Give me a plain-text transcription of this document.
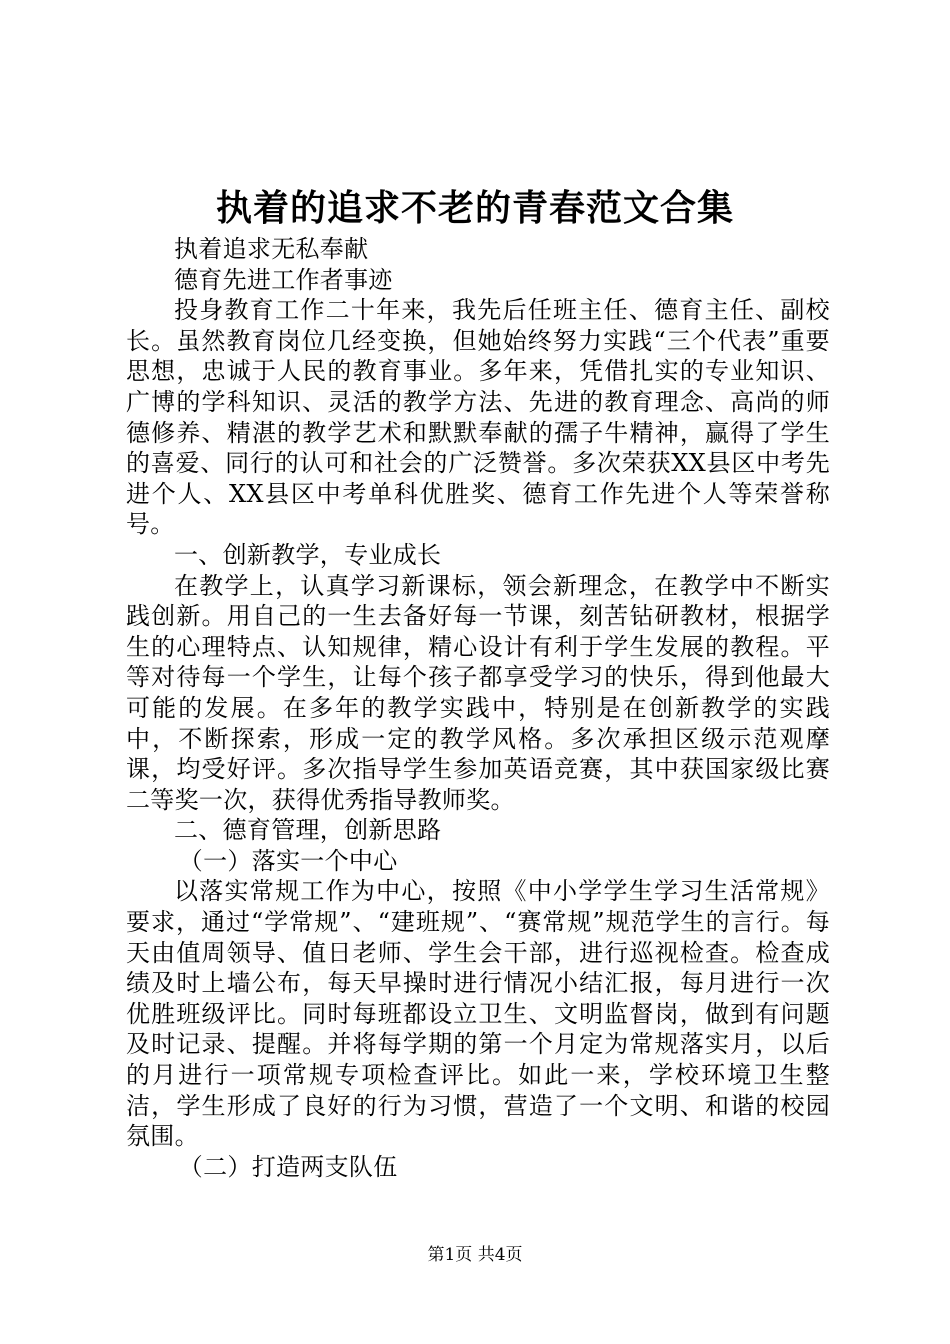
执着的追求不老的青春范文合集

执着追求无私奉献

德育先进工作者事迹

投身教育工作二十年来，我先后任班主任、德育主任、副校长。虽然教育岗位几经变换，但她始终努力实践“三个代表”重要思想，忠诚于人民的教育事业。多年来，凭借扎实的专业知识、广博的学科知识、灵活的教学方法、先进的教育理念、高尚的师德修养、精湛的教学艺术和默默奉献的孺子牛精神，赢得了学生的喜爱、同行的认可和社会的广泛赞誉。多次荣获XX县区中考先进个人、XX县区中考单科优胜奖、德育工作先进个人等荣誉称号。

一、创新教学，专业成长

在教学上，认真学习新课标，领会新理念，在教学中不断实践创新。用自己的一生去备好每一节课，刻苦钻研教材，根据学生的心理特点、认知规律，精心设计有利于学生发展的教程。平等对待每一个学生，让每个孩子都享受学习的快乐，得到他最大可能的发展。在多年的教学实践中，特别是在创新教学的实践中，不断探索，形成一定的教学风格。多次承担区级示范观摩课，均受好评。多次指导学生参加英语竞赛，其中获国家级比赛二等奖一次，获得优秀指导教师奖。

二、德育管理，创新思路

（一）落实一个中心

以落实常规工作为中心，按照《中小学学生学习生活常规》要求，通过“学常规”、“建班规”、“赛常规”规范学生的言行。每天由值周领导、值日老师、学生会干部，进行巡视检查。检查成绩及时上墙公布，每天早操时进行情况小结汇报，每月进行一次优胜班级评比。同时每班都设立卫生、文明监督岗，做到有问题及时记录、提醒。并将每学期的第一个月定为常规落实月，以后的月进行一项常规专项检查评比。如此一来，学校环境卫生整洁，学生形成了良好的行为习惯，营造了一个文明、和谐的校园氛围。

（二）打造两支队伍

第1页 共4页
